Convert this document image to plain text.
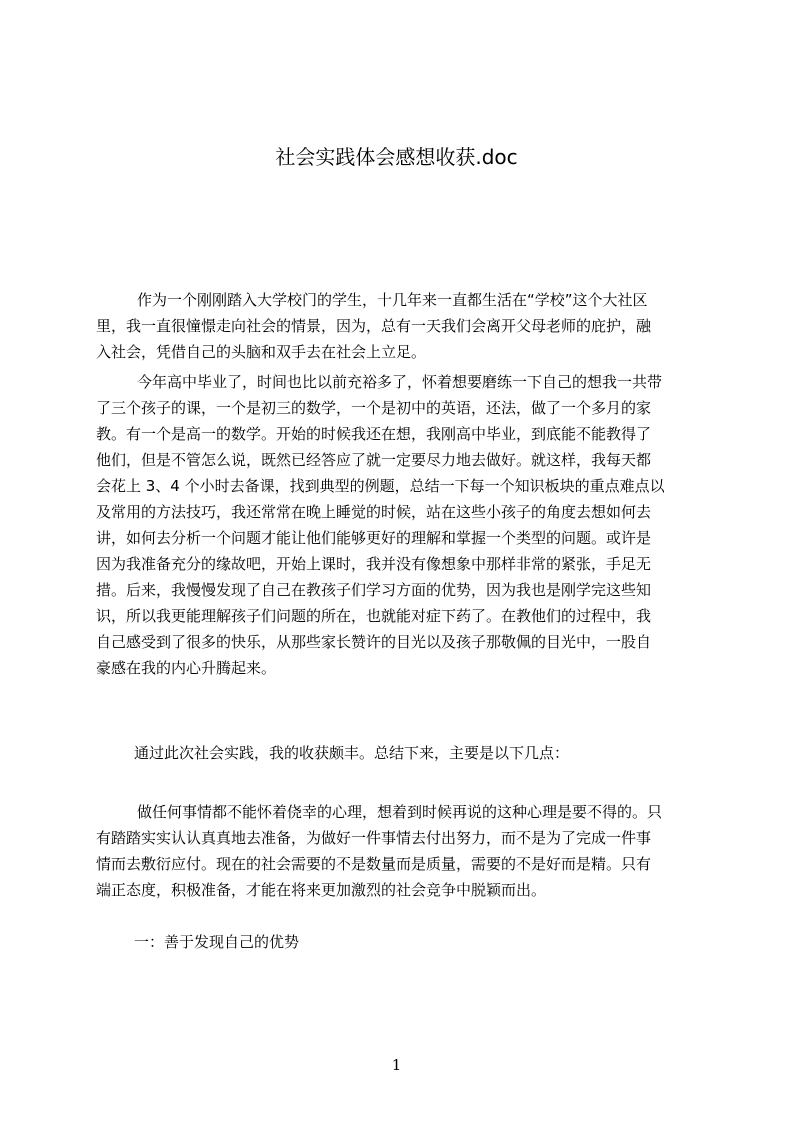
社会实践体会感想收获.doc
作为一个刚刚踏入大学校门的学生，十几年来一直都生活在“学校”这个大社区
里，我一直很憧憬走向社会的情景，因为，总有一天我们会离开父母老师的庇护，融
入社会，凭借自己的头脑和双手去在社会上立足。
今年高中毕业了，时间也比以前充裕多了，怀着想要磨练一下自己的想我一共带
了三个孩子的课，一个是初三的数学，一个是初中的英语，还法，做了一个多月的家
教。有一个是高一的数学。开始的时候我还在想，我刚高中毕业，到底能不能教得了
他们，但是不管怎么说，既然已经答应了就一定要尽力地去做好。就这样，我每天都
会花上 3、4 个小时去备课，找到典型的例题，总结一下每一个知识板块的重点难点以
及常用的方法技巧，我还常常在晚上睡觉的时候，站在这些小孩子的角度去想如何去
讲，如何去分析一个问题才能让他们能够更好的理解和掌握一个类型的问题。或许是
因为我准备充分的缘故吧，开始上课时，我并没有像想象中那样非常的紧张，手足无
措。后来，我慢慢发现了自己在教孩子们学习方面的优势，因为我也是刚学完这些知
识，所以我更能理解孩子们问题的所在，也就能对症下药了。在教他们的过程中，我
自己感受到了很多的快乐，从那些家长赞许的目光以及孩子那敬佩的目光中，一股自
豪感在我的内心升腾起来。
通过此次社会实践，我的收获颇丰。总结下来，主要是以下几点：
做任何事情都不能怀着侥幸的心理，想着到时候再说的这种心理是要不得的。只
有踏踏实实认认真真地去准备，为做好一件事情去付出努力，而不是为了完成一件事
情而去敷衍应付。现在的社会需要的不是数量而是质量，需要的不是好而是精。只有
端正态度，积极准备，才能在将来更加激烈的社会竞争中脱颖而出。
一：善于发现自己的优势
1
